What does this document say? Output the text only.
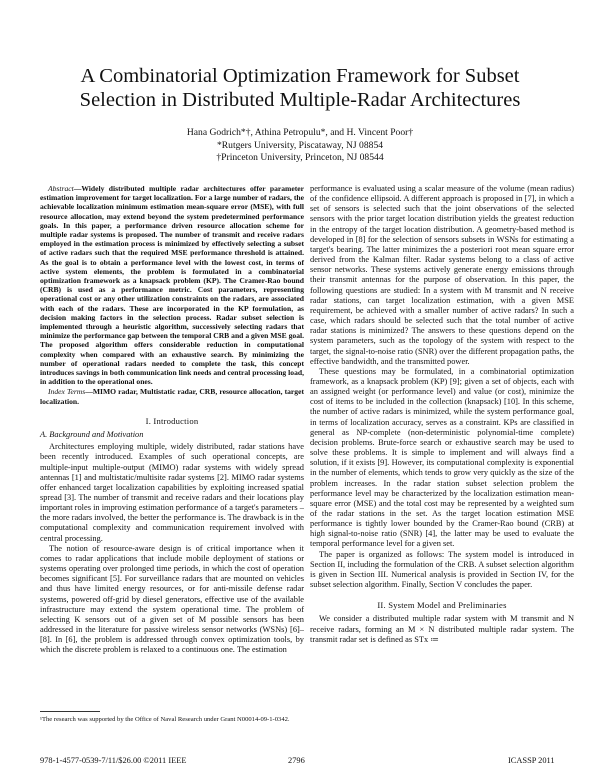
A Combinatorial Optimization Framework for Subset Selection in Distributed Multiple-Radar Architectures
Hana Godrich*†, Athina Petropulu*, and H. Vincent Poor†
*Rutgers University, Piscataway, NJ 08854
†Princeton University, Princeton, NJ 08544

Abstract—Widely distributed multiple radar architectures offer parameter estimation improvement for target localization. For a large number of radars, the achievable localization minimum estimation mean-square error (MSE), with full resource allocation, may extend beyond the system predetermined performance goals. In this paper, a performance driven resource allocation scheme for multiple radar systems is proposed. The number of transmit and receive radars employed in the estimation process is minimized by effectively selecting a subset of active radars such that the required MSE performance threshold is attained. As the goal is to obtain a performance level with the lowest cost, in terms of active system elements, the problem is formulated in a combinatorial optimization framework as a knapsack problem (KP). The Cramer-Rao bound (CRB) is used as a performance metric. Cost parameters, representing operational cost or any other utilization constraints on the radars, are associated with each of the radars. These are incorporated in the KP formulation, as decision making factors in the selection process. Radar subset selection is implemented through a heuristic algorithm, successively selecting radars that minimize the performance gap between the temporal CRB and a given MSE goal. The proposed algorithm offers considerable reduction in computational complexity when compared with an exhaustive search. By minimizing the number of operational radars needed to complete the task, this concept introduces savings in both communication link needs and central processing load, in addition to the operational ones.

Index Terms—MIMO radar, Multistatic radar, CRB, resource allocation, target localization.

I. Introduction
A. Background and Motivation

Architectures employing multiple, widely distributed, radar stations have been recently introduced. Examples of such operational concepts, are multiple-input multiple-output (MIMO) radar systems with widely spread antennas [1] and multistatic/multisite radar systems [2]. MIMO radar systems offer enhanced target localization capabilities by exploiting increased spatial spread [3]. The number of transmit and receive radars and their locations play important roles in improving estimation performance of a target's parameters – the more radars involved, the better the performance is. The drawback is in the computational complexity and communication requirement involved with central processing.

The notion of resource-aware design is of critical importance when it comes to radar applications that include mobile deployment of stations or systems operating over prolonged time periods, in which the cost of operation becomes significant [5]. For surveillance radars that are mounted on vehicles and thus have limited energy resources, or for anti-missile defense radar systems, powered off-grid by diesel generators, effective use of the available infrastructure may extend the system operational time. The problem of selecting K sensors out of a given set of M possible sensors has been addressed in the literature for passive wireless sensor networks (WSNs) [6]–[8]. In [6], the problem is addressed through convex optimization tools, by which the discrete problem is relaxed to a continuous one. The estimation

¹The research was supported by the Office of Naval Research under Grant N00014-09-1-0342.

performance is evaluated using a scalar measure of the volume (mean radius) of the confidence ellipsoid. A different approach is proposed in [7], in which a set of sensors is selected such that the joint observations of the selected sensors with the prior target location distribution yields the greatest reduction in the entropy of the target location distribution. A geometry-based method is developed in [8] for the selection of sensors subsets in WSNs for estimating a target's bearing. The latter minimizes the a posteriori root mean square error derived from the Kalman filter. Radar systems belong to a class of active sensor networks. These systems actively generate energy emissions through their transmit antennas for the purpose of observation. In this paper, the following questions are studied: In a system with M transmit and N receive radar stations, can target localization estimation, with a given MSE requirement, be achieved with a smaller number of active radars? In such a case, which radars should be selected such that the total number of active radar stations is minimized? The answers to these questions depend on the system parameters, such as the topology of the system with respect to the target, the signal-to-noise ratio (SNR) over the different propagation paths, the effective bandwidth, and the transmitted power.

These questions may be formulated, in a combinatorial optimization framework, as a knapsack problem (KP) [9]; given a set of objects, each with an assigned weight (or performance level) and value (or cost), minimize the cost of items to be included in the collection (knapsack) [10]. In this scheme, the number of active radars is minimized, while the system performance goal, in terms of localization accuracy, serves as a constraint. KPs are classified in general as NP-complete (non-deterministic polynomial-time complete) decision problems. Brute-force search or exhaustive search may be used to solve these problems. It is simple to implement and will always find a solution, if it exists [9]. However, its computational complexity is exponential in the number of elements, which tends to grow very quickly as the size of the problem increases. In the radar station subset selection problem the performance level may be characterized by the localization estimation mean-square error (MSE) and the total cost may be represented by a weighted sum of the radar stations in the set. As the target location estimation MSE performance is tightly lower bounded by the Cramer-Rao bound (CRB) at high signal-to-noise ratio (SNR) [4], the latter may be used to evaluate the temporal performance level for a given set.

The paper is organized as follows: The system model is introduced in Section II, including the formulation of the CRB. A subset selection algorithm is given in Section III. Numerical analysis is provided in Section IV, for the subset selection algorithm. Finally, Section V concludes the paper.

II. System Model and Preliminaries

We consider a distributed multiple radar system with M transmit and N receive radars, forming an M × N distributed multiple radar system. The transmit radar set is defined as STx ≔

978-1-4577-0539-7/11/$26.00 ©2011 IEEE	2796	ICASSP 2011
